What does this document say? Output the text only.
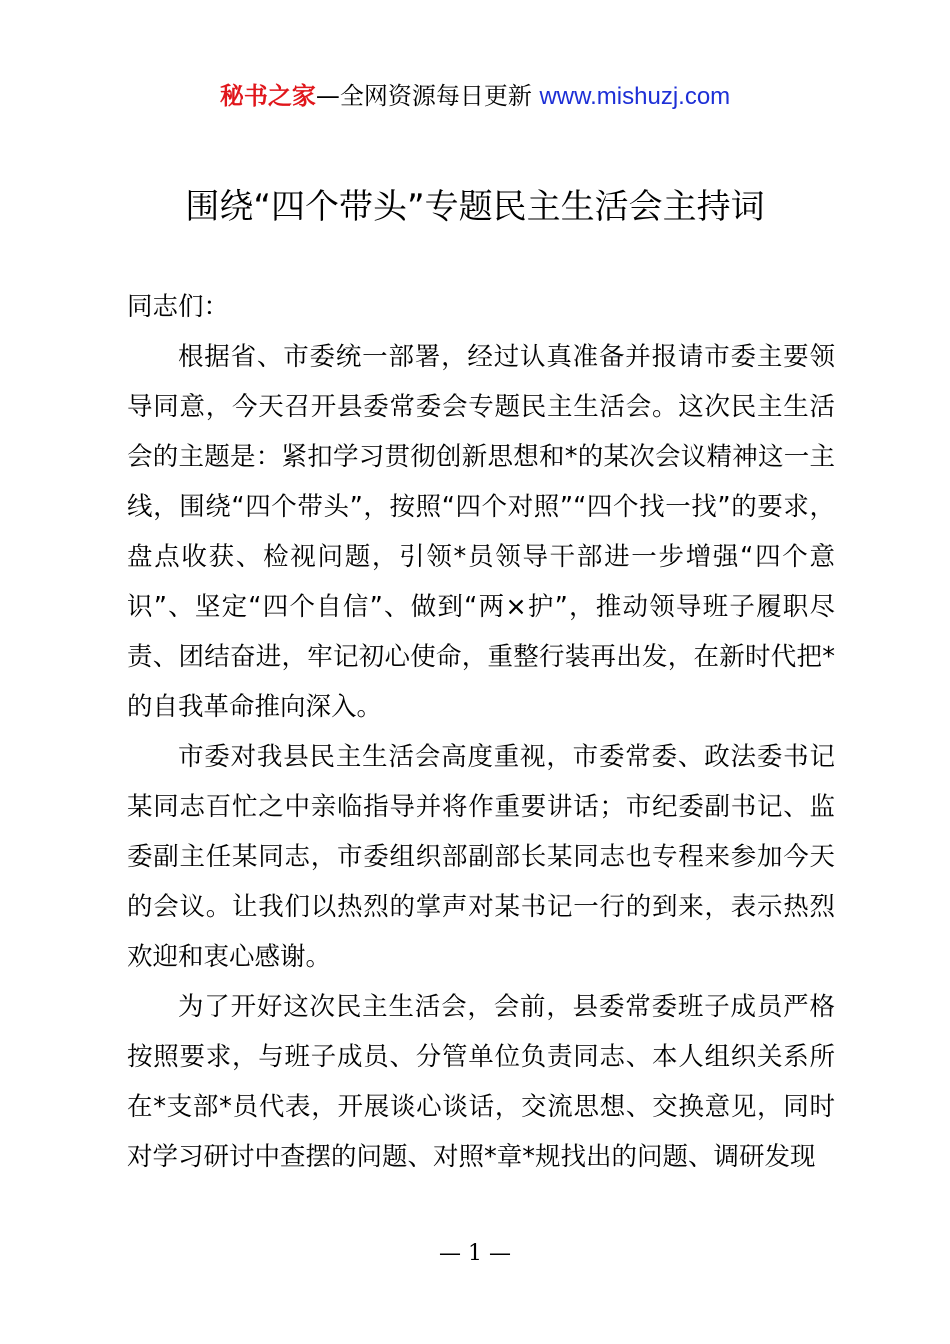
秘书之家—全网资源每日更新 www.mishuzj.com
围绕“四个带头”专题民主生活会主持词

同志们：

根据省、市委统一部署，经过认真准备并报请市委主要领导同意，今天召开县委常委会专题民主生活会。这次民主生活会的主题是：紧扣学习贯彻创新思想和*的某次会议精神这一主线，围绕“四个带头”，按照“四个对照”“四个找一找”的要求，盘点收获、检视问题，引领*员领导干部进一步增强“四个意识”、坚定“四个自信”、做到“两×护”，推动领导班子履职尽责、团结奋进，牢记初心使命，重整行装再出发，在新时代把*的自我革命推向深入。

市委对我县民主生活会高度重视，市委常委、政法委书记某同志百忙之中亲临指导并将作重要讲话；市纪委副书记、监委副主任某同志，市委组织部副部长某同志也专程来参加今天的会议。让我们以热烈的掌声对某书记一行的到来，表示热烈欢迎和衷心感谢。

为了开好这次民主生活会，会前，县委常委班子成员严格按照要求，与班子成员、分管单位负责同志、本人组织关系所在*支部*员代表，开展谈心谈话，交流思想、交换意见，同时对学习研讨中查摆的问题、对照*章*规找出的问题、调研发现

— 1 —
